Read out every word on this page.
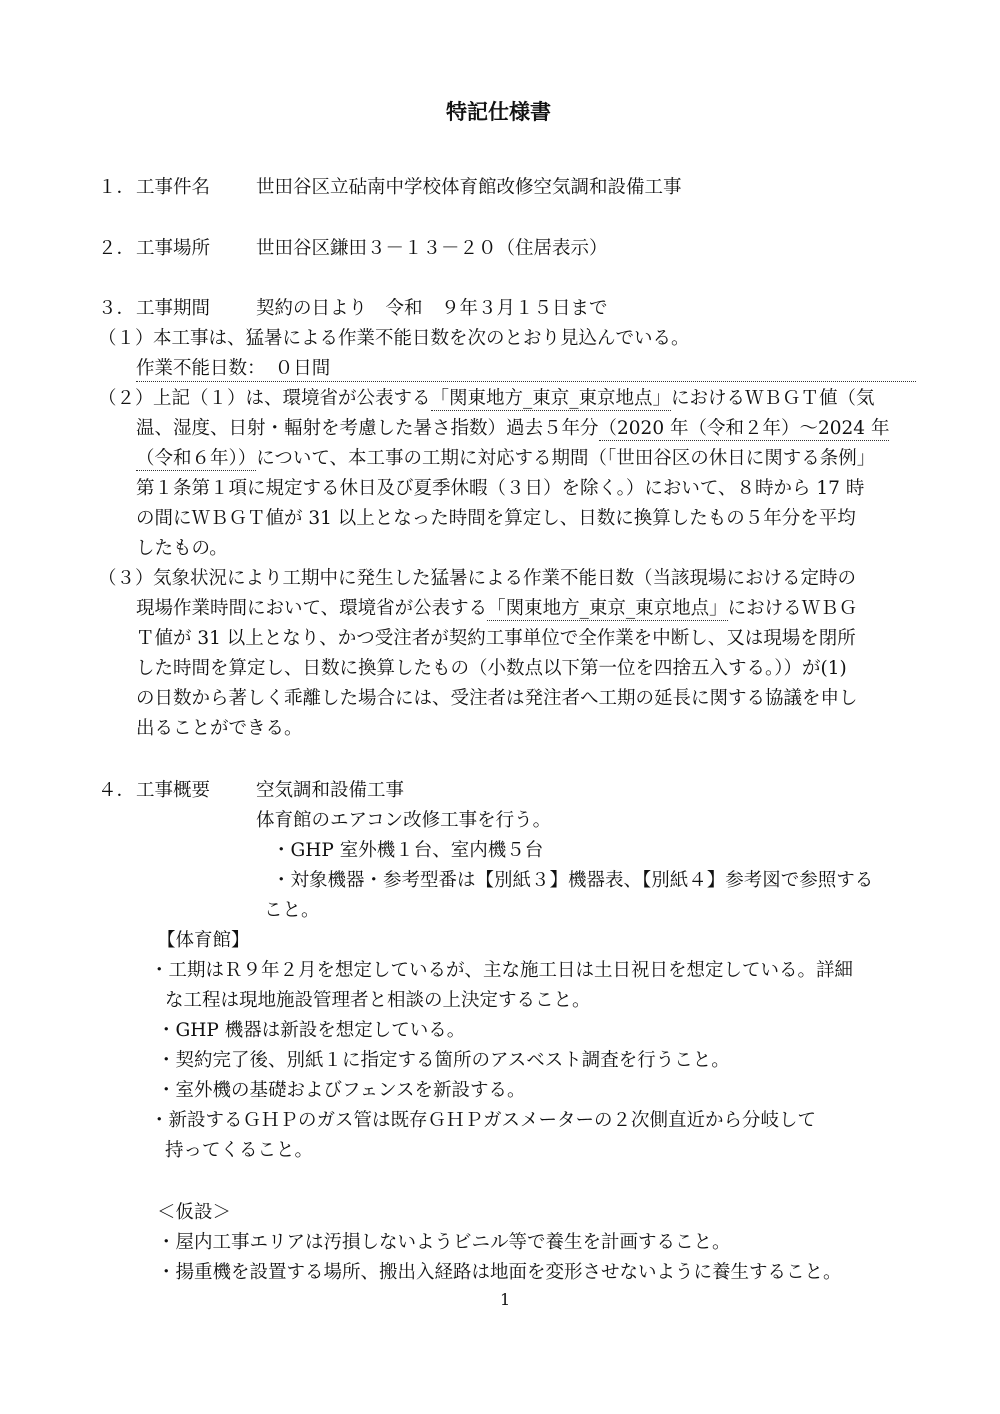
特記仕様書
１． 工事件名 世田谷区立砧南中学校体育館改修空気調和設備工事
２． 工事場所 世田谷区鎌田３－１３－２０（住居表示）
３． 工事期間 契約の日より　令和　９年３月１５日まで
（１） 本工事は、猛暑による作業不能日数を次のとおり見込んでいる。
作業不能日数：　０日間
（２） 上記（１）は、環境省が公表する「関東地方_東京_東京地点」におけるＷＢＧＴ値（気
温、湿度、日射・輻射を考慮した暑さ指数）過去５年分（2020 年（令和２年）～2024 年
（令和６年））について、本工事の工期に対応する期間（「世田谷区の休日に関する条例」
第１条第１項に規定する休日及び夏季休暇（３日）を除く。）において、８時から 17 時
の間にＷＢＧＴ値が 31 以上となった時間を算定し、日数に換算したもの５年分を平均
したもの。
（３） 気象状況により工期中に発生した猛暑による作業不能日数（当該現場における定時の
現場作業時間において、環境省が公表する「関東地方_東京_東京地点」におけるＷＢＧ
Ｔ値が 31 以上となり、かつ受注者が契約工事単位で全作業を中断し、又は現場を閉所
した時間を算定し、日数に換算したもの（小数点以下第一位を四捨五入する。））が(1)
の日数から著しく乖離した場合には、受注者は発注者へ工期の延長に関する協議を申し
出ることができる。
４． 工事概要 空気調和設備工事
体育館のエアコン改修工事を行う。
・GHP 室外機１台、室内機５台
・対象機器・参考型番は【別紙３】機器表、【別紙４】参考図で参照する
こと。
【体育館】
・工期はＲ９年２月を想定しているが、主な施工日は土日祝日を想定している。詳細
な工程は現地施設管理者と相談の上決定すること。
・GHP 機器は新設を想定している。
・契約完了後、別紙１に指定する箇所のアスベスト調査を行うこと。
・室外機の基礎およびフェンスを新設する。
・新設するＧＨＰのガス管は既存ＧＨＰガスメーターの２次側直近から分岐して
持ってくること。
＜仮設＞
・屋内工事エリアは汚損しないようビニル等で養生を計画すること。
・揚重機を設置する場所、搬出入経路は地面を変形させないように養生すること。
1
